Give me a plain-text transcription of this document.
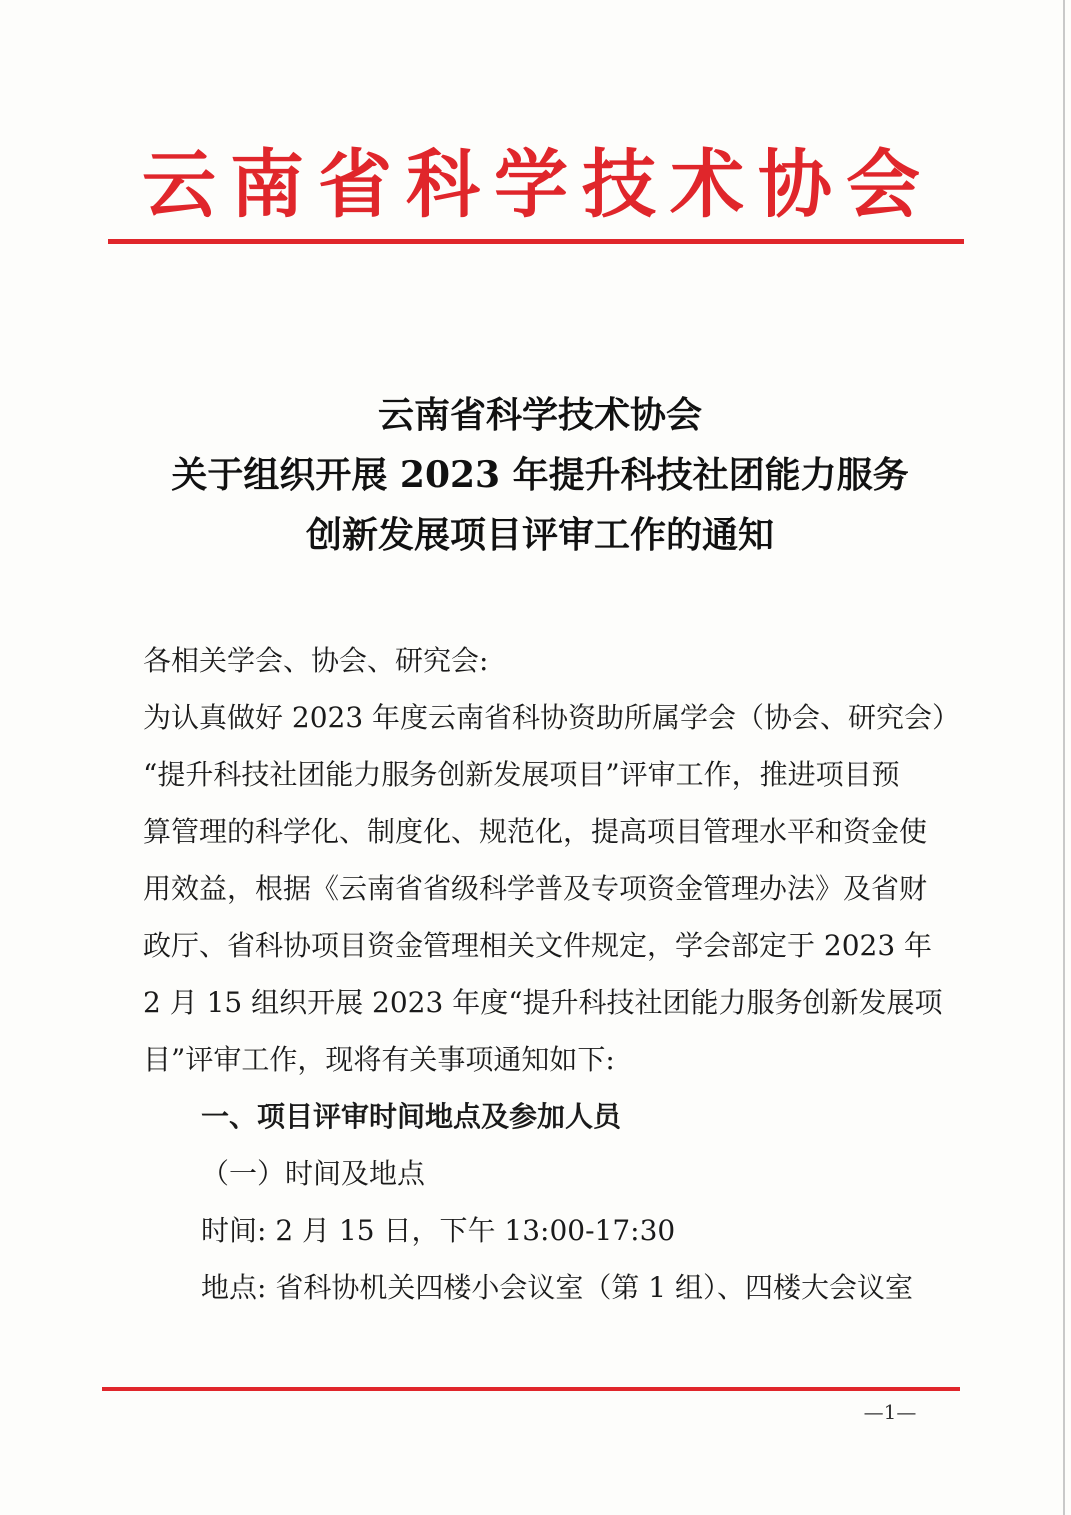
云南省科学技术协会
云南省科学技术协会
关于组织开展 2023 年提升科技社团能力服务
创新发展项目评审工作的通知
各相关学会、协会、研究会:
为认真做好 2023 年度云南省科协资助所属学会（协会、研究会）
“提升科技社团能力服务创新发展项目”评审工作，推进项目预
算管理的科学化、制度化、规范化，提高项目管理水平和资金使
用效益，根据《云南省省级科学普及专项资金管理办法》及省财
政厅、省科协项目资金管理相关文件规定，学会部定于 2023 年
2 月 15 组织开展 2023 年度“提升科技社团能力服务创新发展项
目”评审工作，现将有关事项通知如下:
一、项目评审时间地点及参加人员
（一）时间及地点
时间: 2 月 15 日，下午 13:00-17:30
地点: 省科协机关四楼小会议室（第 1 组）、四楼大会议室
—1—
